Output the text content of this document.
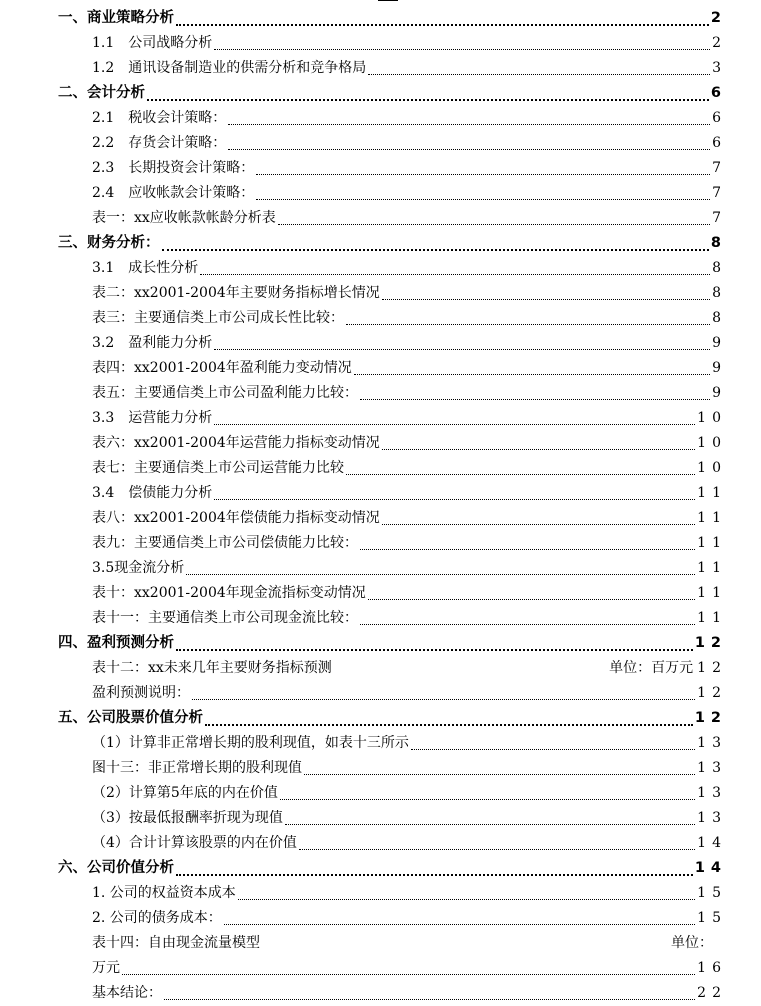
一、商业策略分析	2
1.1　公司战略分析	2
1.2　通讯设备制造业的供需分析和竞争格局	3
二、会计分析	6
2.1　税收会计策略：	6
2.2　存货会计策略：	6
2.3　长期投资会计策略：	7
2.4　应收帐款会计策略：	7
表一：xx应收帐款帐龄分析表	7
三、财务分析：	8
3.1　成长性分析	8
表二：xx2001-2004年主要财务指标增长情况	8
表三：主要通信类上市公司成长性比较：	8
3.2　盈利能力分析	9
表四：xx2001-2004年盈利能力变动情况	9
表五：主要通信类上市公司盈利能力比较：	9
3.3　运营能力分析	10
表六：xx2001-2004年运营能力指标变动情况	10
表七：主要通信类上市公司运营能力比较	10
3.4　偿债能力分析	11
表八：xx2001-2004年偿债能力指标变动情况	11
表九：主要通信类上市公司偿债能力比较：	11
3.5现金流分析	11
表十：xx2001-2004年现金流指标变动情况	11
表十一：主要通信类上市公司现金流比较：	11
四、盈利预测分析	12
表十二：xx未来几年主要财务指标预测	单位：百万元 12
盈利预测说明：	12
五、公司股票价值分析	12
（1）计算非正常增长期的股利现值，如表十三所示	13
图十三：非正常增长期的股利现值	13
（2）计算第5年底的内在价值	13
（3）按最低报酬率折现为现值	13
（4）合计计算该股票的内在价值	14
六、公司价值分析	14
1. 公司的权益资本成本	15
2. 公司的债务成本：	15
表十四：自由现金流量模型	单位：
万元	16
基本结论：	22
